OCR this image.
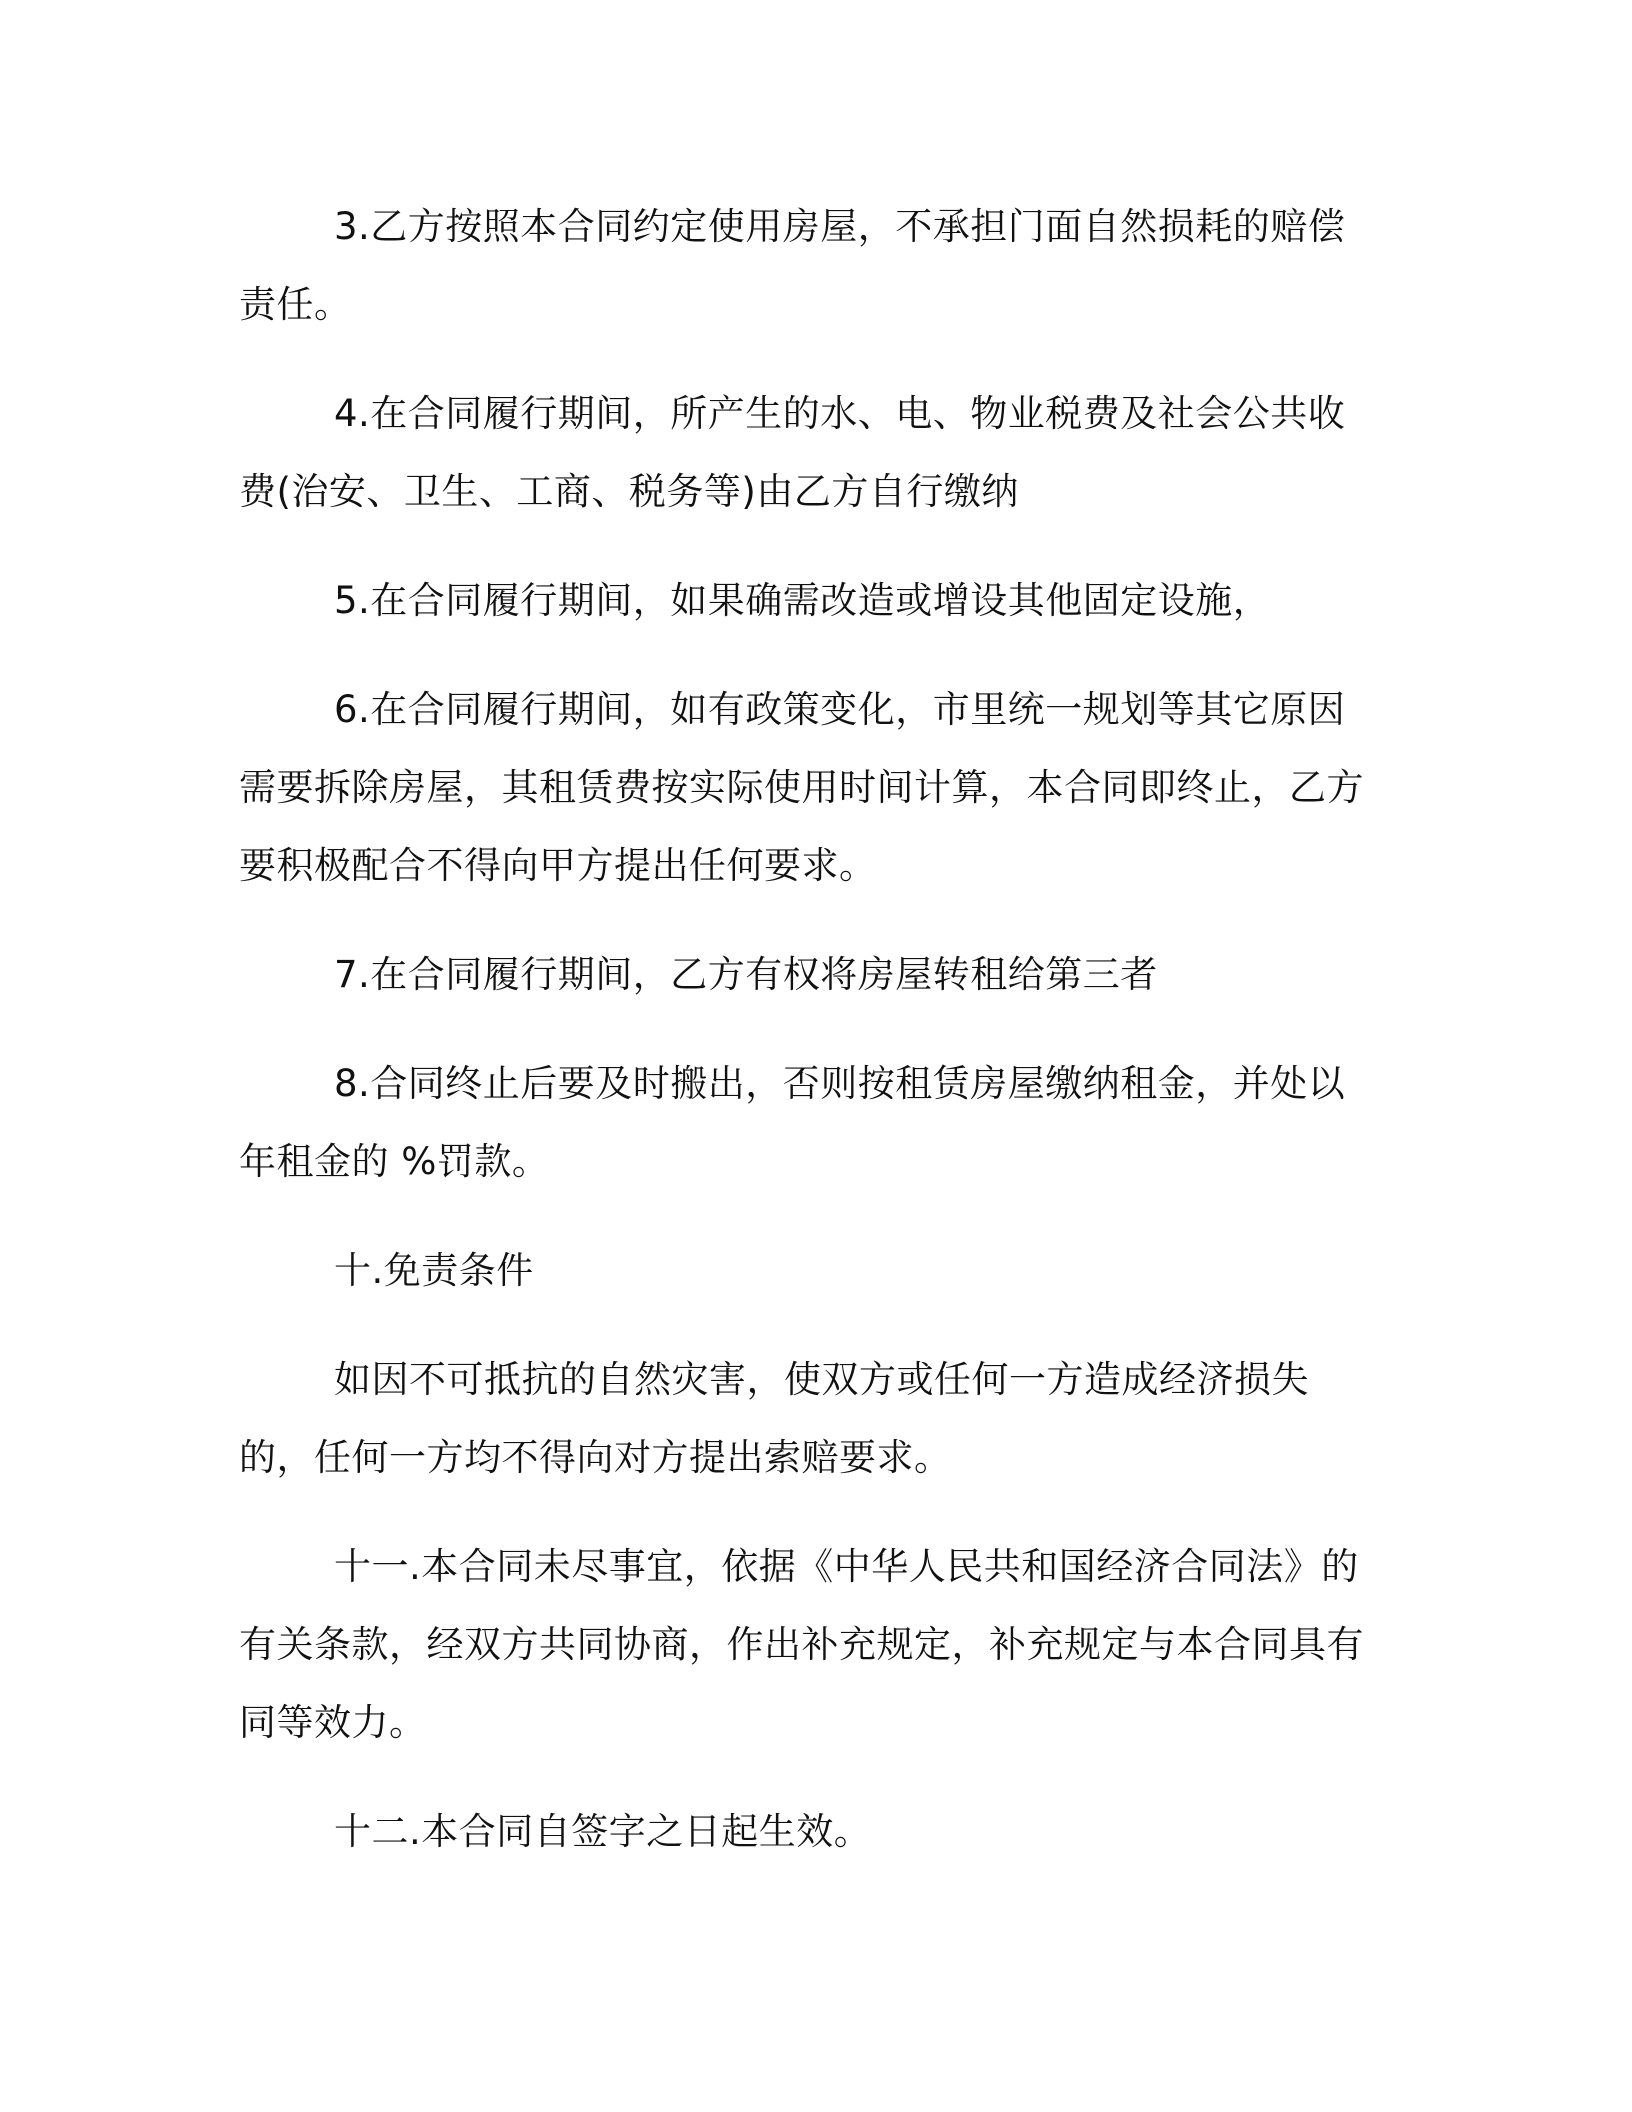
3.乙方按照本合同约定使用房屋，不承担门面自然损耗的赔偿责任。

4.在合同履行期间，所产生的水、电、物业税费及社会公共收费(治安、卫生、工商、税务等)由乙方自行缴纳

5.在合同履行期间，如果确需改造或增设其他固定设施，

6.在合同履行期间，如有政策变化，市里统一规划等其它原因需要拆除房屋，其租赁费按实际使用时间计算，本合同即终止，乙方要积极配合不得向甲方提出任何要求。

7.在合同履行期间，乙方有权将房屋转租给第三者

8.合同终止后要及时搬出，否则按租赁房屋缴纳租金，并处以年租金的 %罚款。

十.免责条件

如因不可抵抗的自然灾害，使双方或任何一方造成经济损失的，任何一方均不得向对方提出索赔要求。

十一.本合同未尽事宜，依据《中华人民共和国经济合同法》的有关条款，经双方共同协商，作出补充规定，补充规定与本合同具有同等效力。

十二.本合同自签字之日起生效。
